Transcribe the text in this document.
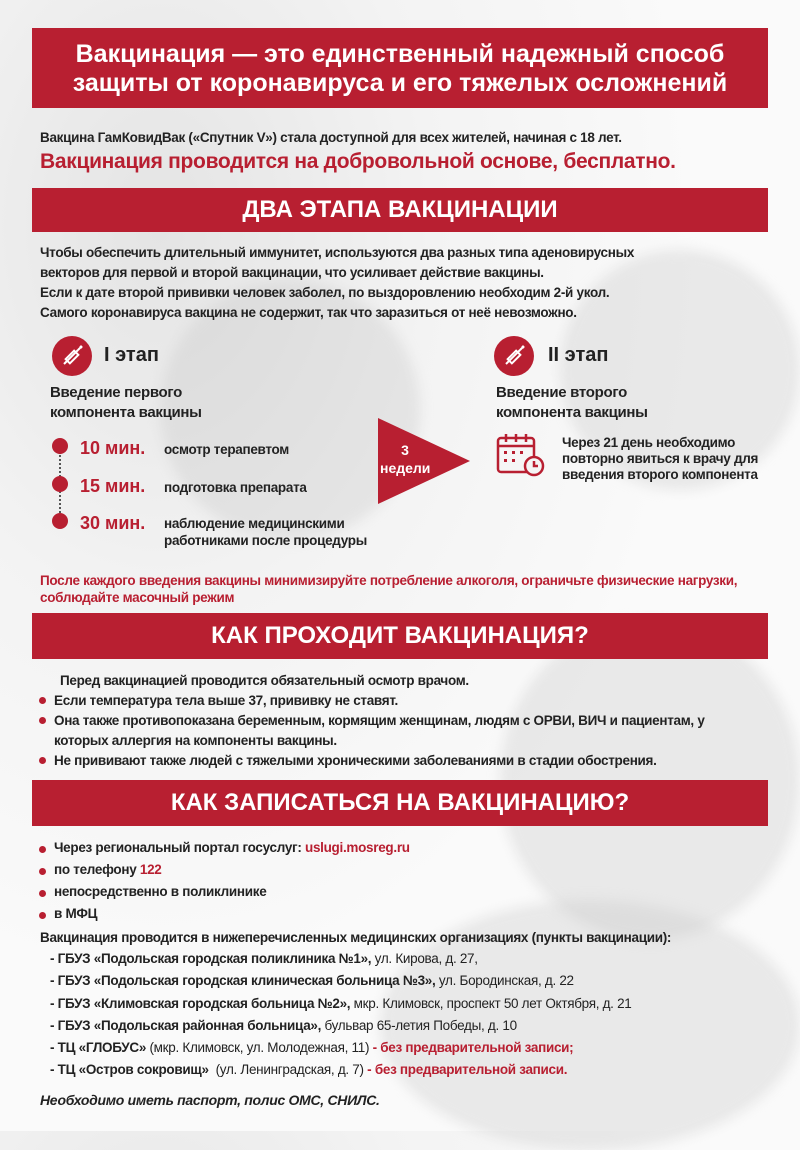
Вакцинация — это единственный надежный способ
защиты от коронавируса и его тяжелых осложнений
Вакцина ГамКовидВак («Спутник V») стала доступной для всех жителей, начиная с 18 лет.
Вакцинация проводится на добровольной основе, бесплатно.
ДВА ЭТАПА ВАКЦИНАЦИИ
Чтобы обеспечить длительный иммунитет, используются два разных типа аденовирусных
векторов для первой и второй вакцинации, что усиливает действие вакцины.
Если к дате второй прививки человек заболел, по выздоровлению необходим 2-й укол.
Самого коронавируса вакцина не содержит, так что заразиться от неё невозможно.
I этап
Введение первого
компонента вакцины
10 мин. осмотр терапевтом
15 мин. подготовка препарата
30 мин. наблюдение медицинскими работниками после процедуры
3
недели
II этап
Введение второго
компонента вакцины
Через 21 день необходимо повторно явиться к врачу для введения второго компонента
После каждого введения вакцины минимизируйте потребление алкоголя, ограничьте физические нагрузки, соблюдайте масочный режим
КАК ПРОХОДИТ ВАКЦИНАЦИЯ?
Перед вакцинацией проводится обязательный осмотр врачом.
Если температура тела выше 37, прививку не ставят.
Она также противопоказана беременным, кормящим женщинам, людям с ОРВИ, ВИЧ и пациентам, у которых аллергия на компоненты вакцины.
Не прививают также людей с тяжелыми хроническими заболеваниями в стадии обострения.
КАК ЗАПИСАТЬСЯ НА ВАКЦИНАЦИЮ?
Через региональный портал госуслуг: uslugi.mosreg.ru
по телефону 122
непосредственно в поликлинике
в МФЦ
Вакцинация проводится в нижеперечисленных медицинских организациях (пункты вакцинации):
- ГБУЗ «Подольская городская поликлиника №1», ул. Кирова, д. 27,
- ГБУЗ «Подольская городская клиническая больница №3», ул. Бородинская, д. 22
- ГБУЗ «Климовская городская больница №2», мкр. Климовск, проспект 50 лет Октября, д. 21
- ГБУЗ «Подольская районная больница», бульвар 65-летия Победы, д. 10
- ТЦ «ГЛОБУС» (мкр. Климовск, ул. Молодежная, 11) - без предварительной записи;
- ТЦ «Остров сокровищ»  (ул. Ленинградская, д. 7) - без предварительной записи.
Необходимо иметь паспорт, полис ОМС, СНИЛС.
